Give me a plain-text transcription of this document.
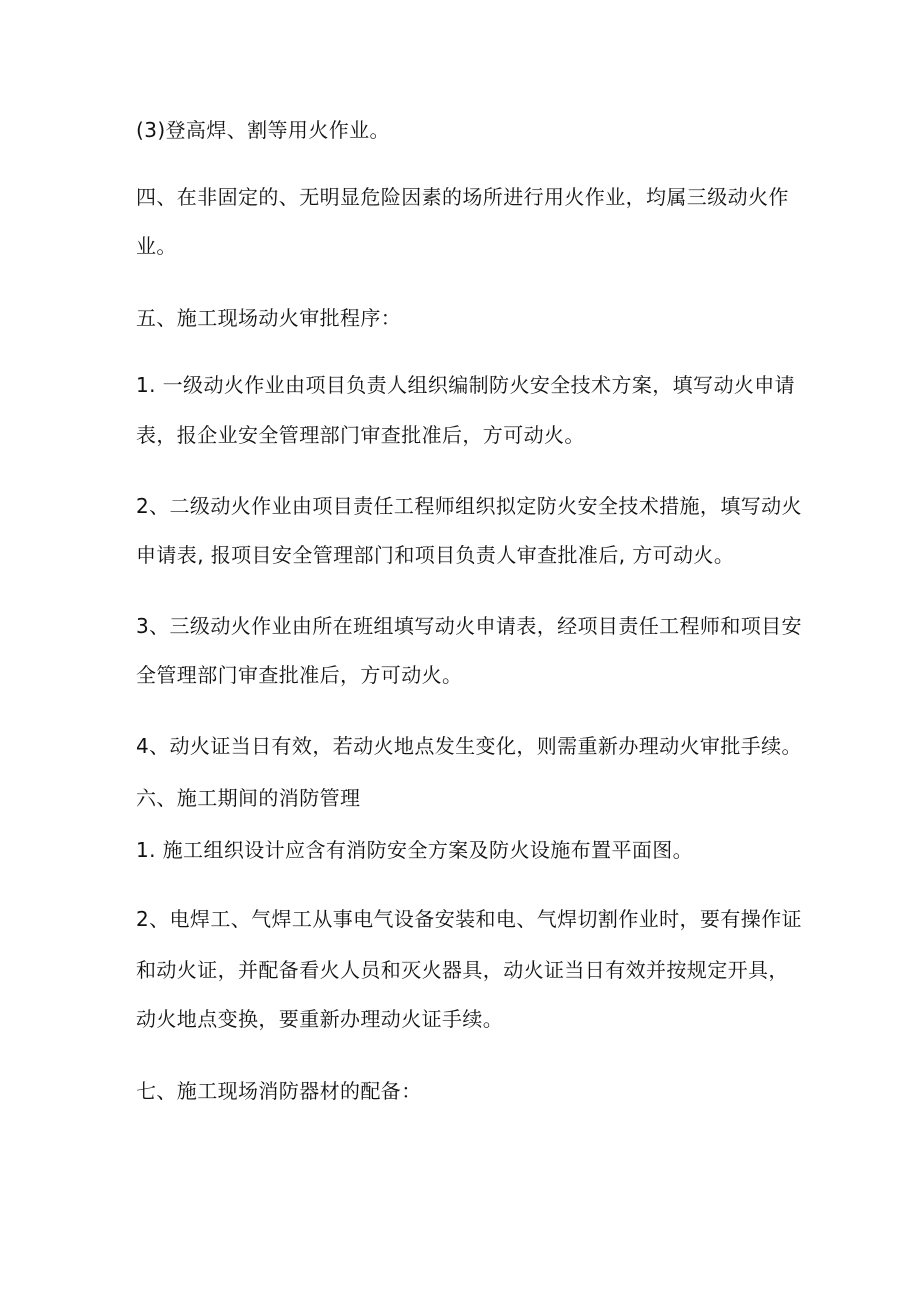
(3)登高焊、割等用火作业。

四、在非固定的、无明显危险因素的场所进行用火作业，均属三级动火作

业。

五、施工现场动火审批程序：

1. 一级动火作业由项目负责人组织编制防火安全技术方案，填写动火申请

表，报企业安全管理部门审查批准后，方可动火。

2、二级动火作业由项目责任工程师组织拟定防火安全技术措施，填写动火

申请表, 报项目安全管理部门和项目负责人审查批准后, 方可动火。

3、三级动火作业由所在班组填写动火申请表，经项目责任工程师和项目安

全管理部门审查批准后，方可动火。

4、动火证当日有效，若动火地点发生变化，则需重新办理动火审批手续。

六、施工期间的消防管理

1. 施工组织设计应含有消防安全方案及防火设施布置平面图。

2、电焊工、气焊工从事电气设备安装和电、气焊切割作业时，要有操作证

和动火证，并配备看火人员和灭火器具，动火证当日有效并按规定开具，

动火地点变换，要重新办理动火证手续。

七、施工现场消防器材的配备：
